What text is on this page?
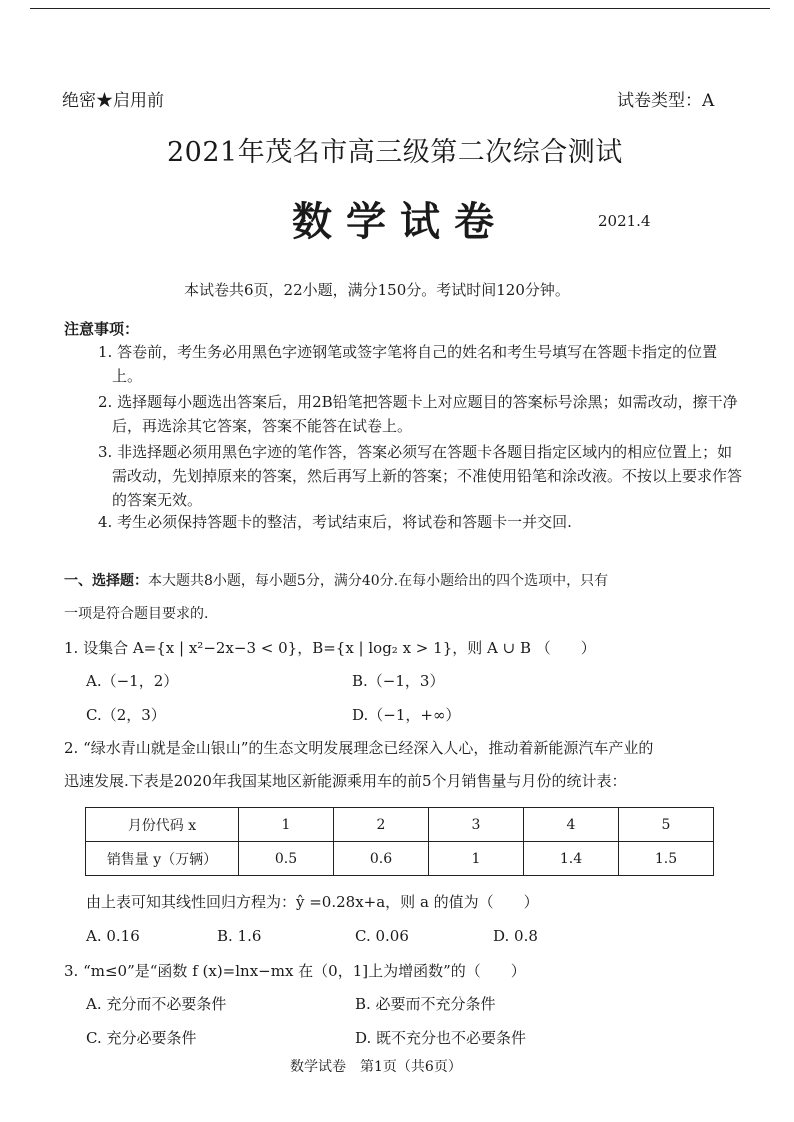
绝密★启用前	试卷类型：A
2021年茂名市高三级第二次综合测试
数学试卷	2021.4
本试卷共6页，22小题，满分150分。考试时间120分钟。
注意事项：
1. 答卷前，考生务必用黑色字迹钢笔或签字笔将自己的姓名和考生号填写在答题卡指定的位置上。
2. 选择题每小题选出答案后，用2B铅笔把答题卡上对应题目的答案标号涂黑；如需改动，擦干净后，再选涂其它答案，答案不能答在试卷上。
3. 非选择题必须用黑色字迹的笔作答，答案必须写在答题卡各题目指定区域内的相应位置上；如需改动，先划掉原来的答案，然后再写上新的答案；不准使用铅笔和涂改液。不按以上要求作答的答案无效。
4. 考生必须保持答题卡的整洁，考试结束后，将试卷和答题卡一并交回.
一、选择题：本大题共8小题，每小题5分，满分40分.在每小题给出的四个选项中，只有
一项是符合题目要求的.
1. 设集合 A={x | x²−2x−3 < 0}，B={x | log₂ x > 1}，则 A ∪ B （　　）
A.（−1，2）	B.（−1，3）
C.（2，3）	D.（−1，+∞）
2. “绿水青山就是金山银山”的生态文明发展理念已经深入人心，推动着新能源汽车产业的
迅速发展.下表是2020年我国某地区新能源乘用车的前5个月销售量与月份的统计表：
月份代码 x	1	2	3	4	5
销售量 y（万辆）	0.5	0.6	1	1.4	1.5
由上表可知其线性回归方程为：ŷ =0.28x+a，则 a 的值为（　　）
A. 0.16	B. 1.6	C. 0.06	D. 0.8
3. “m≤0”是“函数 f (x)=lnx−mx 在（0，1]上为增函数”的（　　）
A. 充分而不必要条件	B. 必要而不充分条件
C. 充分必要条件	D. 既不充分也不必要条件
数学试卷　第1页（共6页）
